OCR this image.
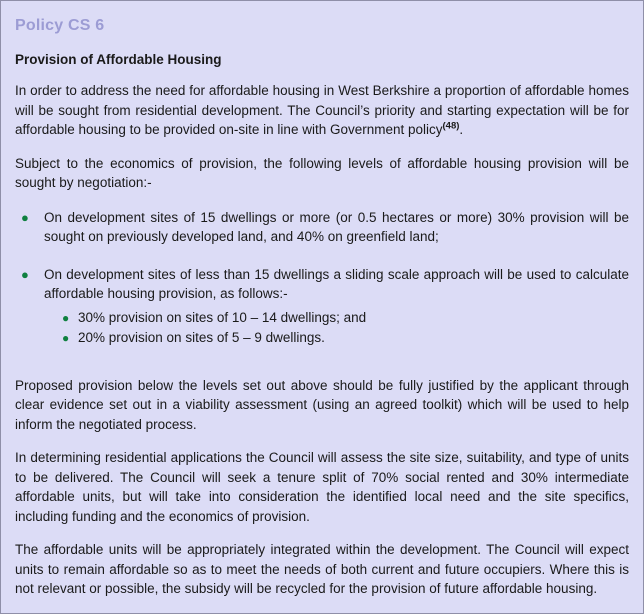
Policy CS 6
Provision of Affordable Housing

In order to address the need for affordable housing in West Berkshire a proportion of affordable homes will be sought from residential development. The Council’s priority and starting expectation will be for affordable housing to be provided on-site in line with Government policy$^{(48)}$.

Subject to the economics of provision, the following levels of affordable housing provision will be sought by negotiation:-

●	On development sites of 15 dwellings or more (or 0.5 hectares or more) 30% provision will be sought on previously developed land, and 40% on greenfield land;
●	On development sites of less than 15 dwellings a sliding scale approach will be used to calculate affordable housing provision, as follows:-
● 30% provision on sites of 10 – 14 dwellings; and
● 20% provision on sites of 5 – 9 dwellings.

Proposed provision below the levels set out above should be fully justified by the applicant through clear evidence set out in a viability assessment (using an agreed toolkit) which will be used to help inform the negotiated process.

In determining residential applications the Council will assess the site size, suitability, and type of units to be delivered. The Council will seek a tenure split of 70% social rented and 30% intermediate affordable units, but will take into consideration the identified local need and the site specifics, including funding and the economics of provision.

The affordable units will be appropriately integrated within the development. The Council will expect units to remain affordable so as to meet the needs of both current and future occupiers. Where this is not relevant or possible, the subsidy will be recycled for the provision of future affordable housing.
